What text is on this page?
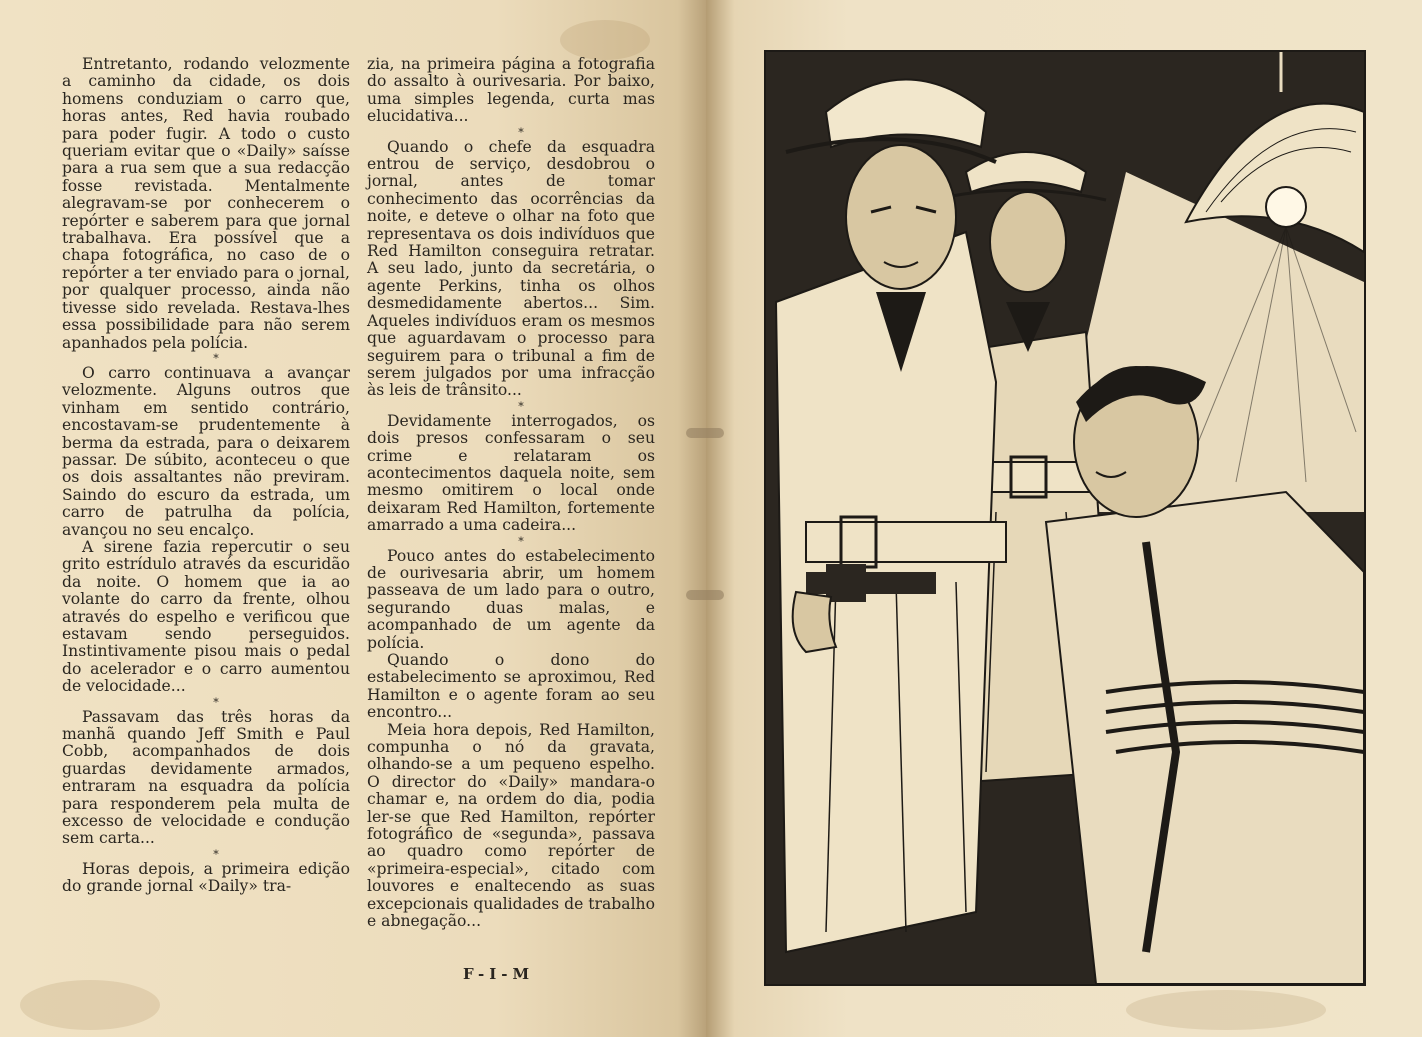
Entretanto, rodando velozmente a caminho da cidade, os dois homens conduziam o carro que, horas antes, Red havia roubado para poder fugir. A todo o custo queriam evitar que o «Daily» saísse para a rua sem que a sua redacção fosse revistada. Mentalmente alegravam-se por conhecerem o repórter e saberem para que jornal trabalhava. Era possível que a chapa fotográfica, no caso de o repórter a ter enviado para o jornal, por qualquer processo, ainda não tivesse sido revelada. Restava-lhes essa possibilidade para não serem apanhados pela polícia.

*

O carro continuava a avançar velozmente. Alguns outros que vinham em sentido contrário, encostavam-se prudentemente à berma da estrada, para o deixarem passar. De súbito, aconteceu o que os dois assaltantes não previram. Saindo do escuro da estrada, um carro de patrulha da polícia, avançou no seu encalço.

A sirene fazia repercutir o seu grito estrídulo através da escuridão da noite. O homem que ia ao volante do carro da frente, olhou através do espelho e verificou que estavam sendo perseguidos. Instintivamente pisou mais o pedal do acelerador e o carro aumentou de velocidade...

*

Passavam das três horas da manhã quando Jeff Smith e Paul Cobb, acompanhados de dois guardas devidamente armados, entraram na esquadra da polícia para responderem pela multa de excesso de velocidade e condução sem carta...

*

Horas depois, a primeira edição do grande jornal «Daily» tra-

zia, na primeira página a fotografia do assalto à ourivesaria. Por baixo, uma simples legenda, curta mas elucidativa...

*

Quando o chefe da esquadra entrou de serviço, desdobrou o jornal, antes de tomar conhecimento das ocorrências da noite, e deteve o olhar na foto que representava os dois indivíduos que Red Hamilton conseguira retratar. A seu lado, junto da secretária, o agente Perkins, tinha os olhos desmedidamente abertos... Sim. Aqueles indivíduos eram os mesmos que aguardavam o processo para seguirem para o tribunal a fim de serem julgados por uma infracção às leis de trânsito...

*

Devidamente interrogados, os dois presos confessaram o seu crime e relataram os acontecimentos daquela noite, sem mesmo omitirem o local onde deixaram Red Hamilton, fortemente amarrado a uma cadeira...

*

Pouco antes do estabelecimento de ourivesaria abrir, um homem passeava de um lado para o outro, segurando duas malas, e acompanhado de um agente da polícia.

Quando o dono do estabelecimento se aproximou, Red Hamilton e o agente foram ao seu encontro...

Meia hora depois, Red Hamilton, compunha o nó da gravata, olhando-se a um pequeno espelho. O director do «Daily» mandara-o chamar e, na ordem do dia, podia ler-se que Red Hamilton, repórter fotográfico de «segunda», passava ao quadro como repórter de «primeira-especial», citado com louvores e enaltecendo as suas excepcionais qualidades de trabalho e abnegação...

F-I-M
